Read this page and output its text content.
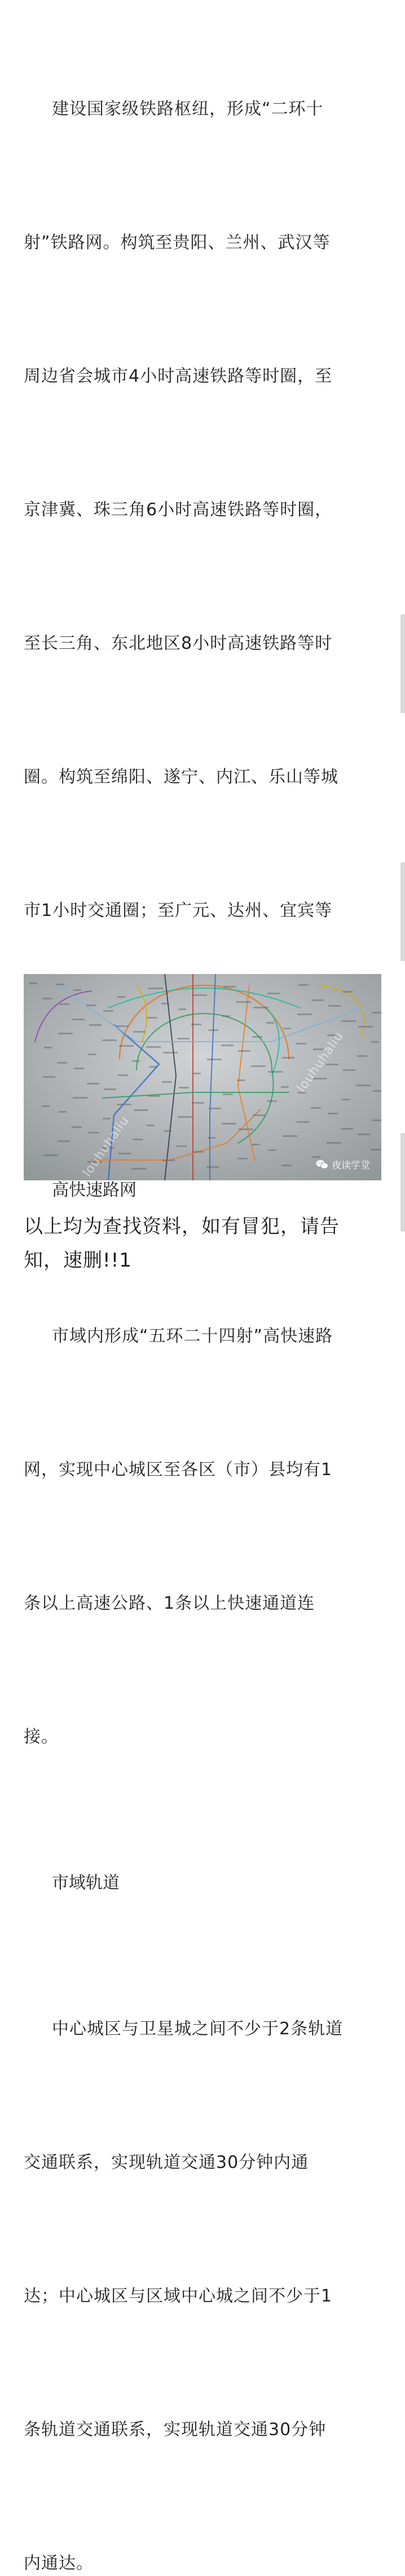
建设国家级铁路枢纽，形成“二环十

射”铁路网。构筑至贵阳、兰州、武汉等

周边省会城市4小时高速铁路等时圈，至

京津冀、珠三角6小时高速铁路等时圈，

至长三角、东北地区8小时高速铁路等时

圈。构筑至绵阳、遂宁、内江、乐山等城

市1小时交通圈；至广元、达州、宜宾等

高快速路网

市域内形成“五环二十四射”高快速路

网，实现中心城区至各区（市）县均有1

条以上高速公路、1条以上快速通道连

接。

市域轨道

中心城区与卫星城之间不少于2条轨道

交通联系，实现轨道交通30分钟内通

达；中心城区与区域中心城之间不少于1

条轨道交通联系，实现轨道交通30分钟

内通达。

louhuhaliu
louhuhaliu
夜读学堂
以上均为查找资料，如有冒犯，请告
知，速删!!1
